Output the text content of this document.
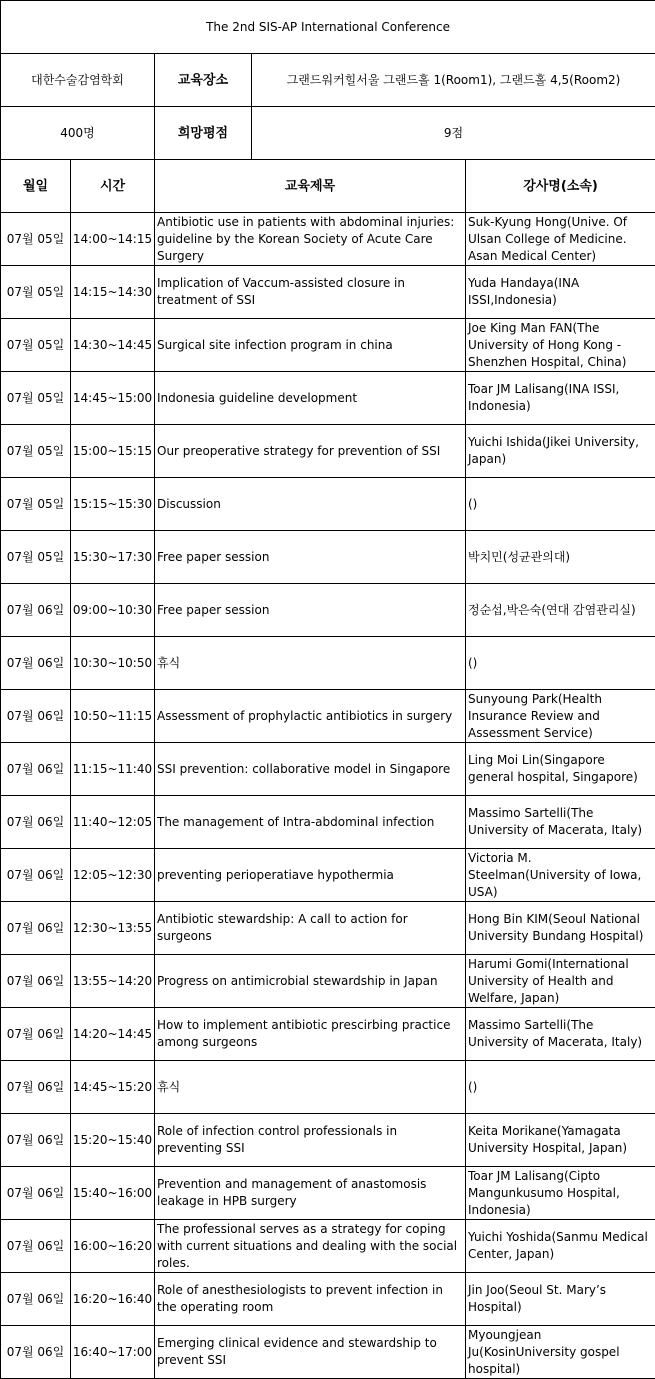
The 2nd SIS-AP International Conference				
대한수술감염학회		교육장소	그랜드워커힐서울 그랜드홀 1(Room1), 그랜드홀 4,5(Room2)	
400명		희망평점	9점	
월일	시간	교육제목		강사명(소속)
07월 05일	14:00~14:15	Antibiotic use in patients with abdominal injuries: guideline by the Korean Society of Acute Care Surgery		Suk-Kyung Hong(Unive. Of Ulsan College of Medicine. Asan Medical Center)
07월 05일	14:15~14:30	Implication of Vaccum-assisted closure in treatment of SSI		Yuda Handaya(INA ISSI,Indonesia)
07월 05일	14:30~14:45	Surgical site infection program in china		Joe King Man FAN(The University of Hong Kong - Shenzhen Hospital, China)
07월 05일	14:45~15:00	Indonesia guideline development		Toar JM Lalisang(INA ISSI, Indonesia)
07월 05일	15:00~15:15	Our preoperative strategy for prevention of SSI		Yuichi Ishida(Jikei University, Japan)
07월 05일	15:15~15:30	Discussion		()
07월 05일	15:30~17:30	Free paper session		박치민(성균관의대)
07월 06일	09:00~10:30	Free paper session		정순섭,박은숙(연대 감염관리실)
07월 06일	10:30~10:50	휴식		()
07월 06일	10:50~11:15	Assessment of prophylactic antibiotics in surgery		Sunyoung Park(Health Insurance Review and Assessment Service)
07월 06일	11:15~11:40	SSI prevention: collaborative model in Singapore		Ling Moi Lin(Singapore general hospital, Singapore)
07월 06일	11:40~12:05	The management of Intra-abdominal infection		Massimo Sartelli(The University of Macerata, Italy)
07월 06일	12:05~12:30	preventing perioperatiave hypothermia		Victoria M. Steelman(University of Iowa, USA)
07월 06일	12:30~13:55	Antibiotic stewardship: A call to action for surgeons		Hong Bin KIM(Seoul National University Bundang Hospital)
07월 06일	13:55~14:20	Progress on antimicrobial stewardship in Japan		Harumi Gomi(International University of Health and Welfare, Japan)
07월 06일	14:20~14:45	How to implement antibiotic prescirbing practice among surgeons		Massimo Sartelli(The University of Macerata, Italy)
07월 06일	14:45~15:20	휴식		()
07월 06일	15:20~15:40	Role of infection control professionals in preventing SSI		Keita Morikane(Yamagata University Hospital, Japan)
07월 06일	15:40~16:00	Prevention and management of anastomosis leakage in HPB surgery		Toar JM Lalisang(Cipto Mangunkusumo Hospital, Indonesia)
07월 06일	16:00~16:20	The professional serves as a strategy for coping with current situations and dealing with the social roles.		Yuichi Yoshida(Sanmu Medical Center, Japan)
07월 06일	16:20~16:40	Role of anesthesiologists to prevent infection in the operating room		Jin Joo(Seoul St. Mary’s Hospital)
07월 06일	16:40~17:00	Emerging clinical evidence and stewardship to prevent SSI		Myoungjean Ju(KosinUniversity gospel hospital)
